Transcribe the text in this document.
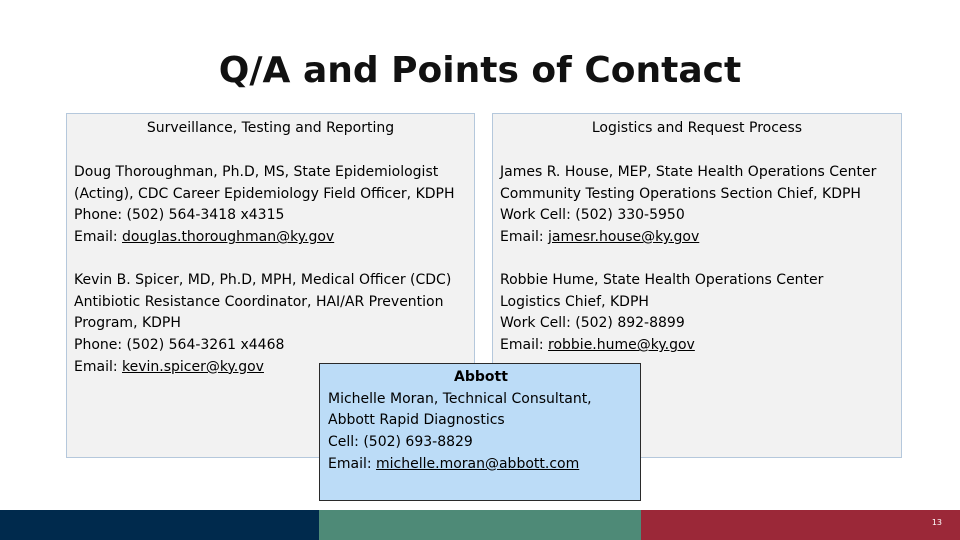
Q/A and Points of Contact
Surveillance, Testing and Reporting	Logistics and Request Process
Doug Thoroughman, Ph.D, MS, State Epidemiologist
(Acting), CDC Career Epidemiology Field Officer, KDPH
Phone: (502) 564-3418 x4315
Email: douglas.thoroughman@ky.gov
Kevin B. Spicer, MD, Ph.D, MPH, Medical Officer (CDC)
Antibiotic Resistance Coordinator, HAI/AR Prevention
Program, KDPH
Phone: (502) 564-3261 x4468
Email: kevin.spicer@ky.gov
James R. House, MEP, State Health Operations Center
Community Testing Operations Section Chief, KDPH
Work Cell: (502) 330-5950
Email: jamesr.house@ky.gov
Robbie Hume, State Health Operations Center
Logistics Chief, KDPH
Work Cell: (502) 892-8899
Email: robbie.hume@ky.gov
Abbott
Michelle Moran, Technical Consultant,
Abbott Rapid Diagnostics
Cell: (502) 693-8829
Email: michelle.moran@abbott.com
13
